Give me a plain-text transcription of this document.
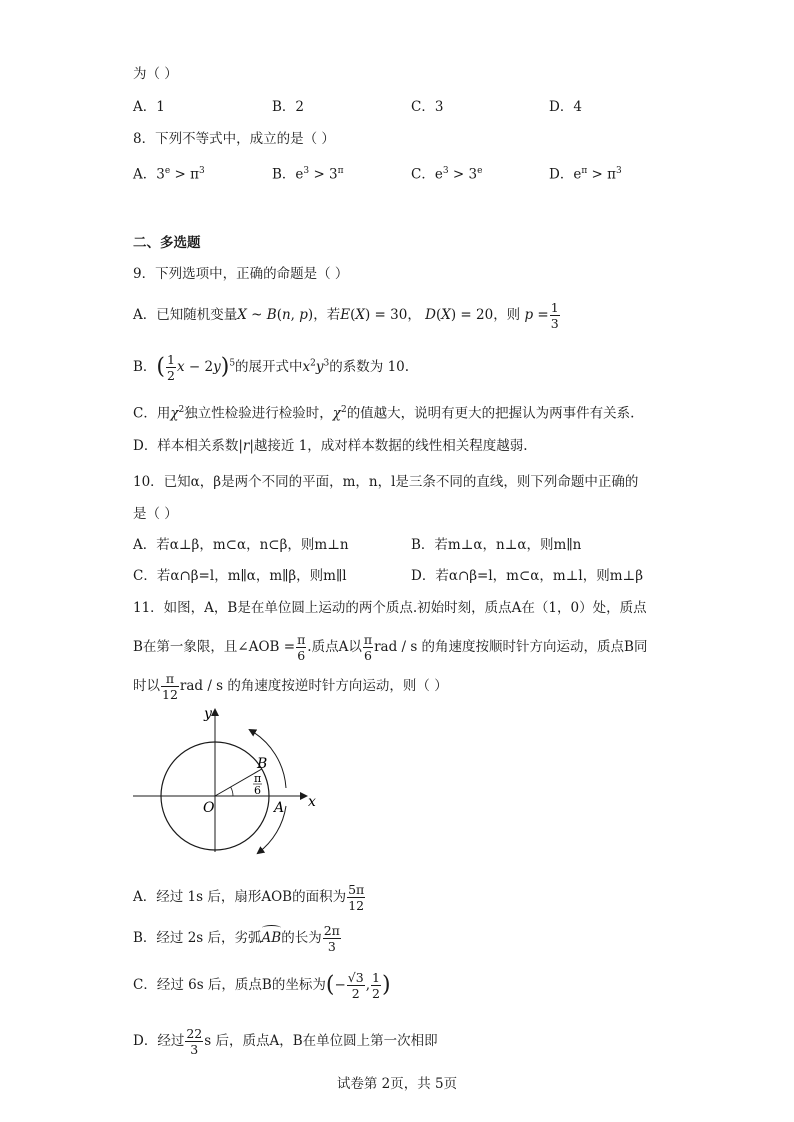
为（ ）
A．1	B．2	C．3	D．4
8．下列不等式中，成立的是（ ）
A．$3^e > \pi^3$	B．$e^3 > 3^\pi$	C．$e^3 > 3^e$	D．$e^\pi > \pi^3$
二、多选题
9．下列选项中，正确的命题是（ ）
A．已知随机变量X ~ B(n, p)，若E(X) = 30， D(X) = 20，则 $p = \frac{1}{3}$
B．( $\frac{1}{2}$ x − 2y)$^5$的展开式中$x^2y^3$的系数为 10.
C．用$\chi^2$独立性检验进行检验时，$\chi^2$的值越大，说明有更大的把握认为两事件有关系.
D．样本相关系数|r|越接近 1，成对样本数据的线性相关程度越弱.
10．已知α，β是两个不同的平面，m，n，l是三条不同的直线，则下列命题中正确的
是（ ）
A．若α⊥β，m⊂α，n⊂β，则m⊥n	B．若m⊥α，n⊥α，则m∥n
C．若α∩β=l，m∥α，m∥β，则m∥l	D．若α∩β=l，m⊂α，m⊥l，则m⊥β
11．如图，A，B是在单位圆上运动的两个质点.初始时刻，质点A在（1，0）处，质点
B在第一象限，且∠AOB = $\frac{\pi}{6}$ .质点A以 $\frac{\pi}{6}$ rad / s 的角速度按顺时针方向运动，质点B同
时以 $\frac{\pi}{12}$ rad / s 的角速度按逆时针方向运动，则（ ）
y
x
O	A
B
π
6
A．经过 1s 后，扇形AOB的面积为 $\frac{5\pi}{12}$
B．经过 2s 后，劣弧AB的长为 $\frac{2\pi}{3}$
C．经过 6s 后，质点B的坐标为(− $\frac{√3}{2}$ , $\frac{1}{2}$ )
D．经过 $\frac{22}{3}$ s 后，质点A，B在单位圆上第一次相即
试卷第 2页，共 5页
